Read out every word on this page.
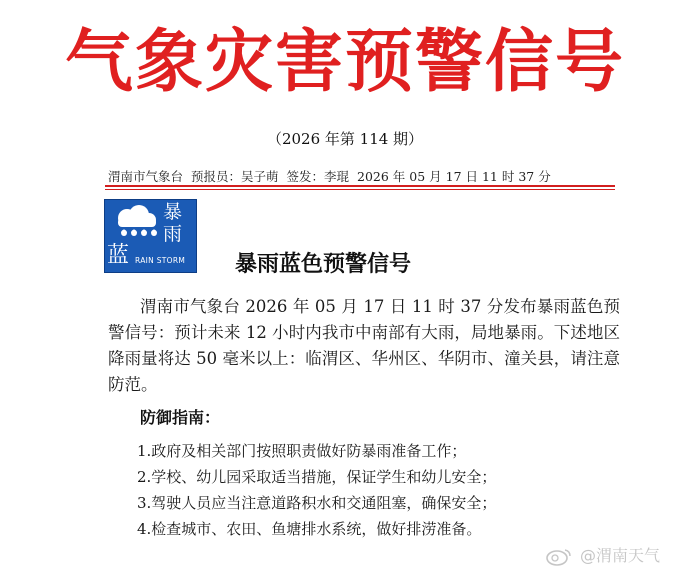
气象灾害预警信号
（2026 年第 114 期）
渭南市气象台 预报员：吴子萌 签发：李琨 2026 年 05 月 17 日 11 时 37 分
暴
雨
蓝 RAIN STORM 暴雨蓝色预警信号
渭南市气象台 2026 年 05 月 17 日 11 时 37 分发布暴雨蓝色预警信号：预计未来 12 小时内我市中南部有大雨，局地暴雨。下述地区降雨量将达 50 毫米以上：临渭区、华州区、华阴市、潼关县，请注意防范。
防御指南：
1.政府及相关部门按照职责做好防暴雨准备工作；
2.学校、幼儿园采取适当措施，保证学生和幼儿安全；
3.驾驶人员应当注意道路积水和交通阻塞，确保安全；
4.检查城市、农田、鱼塘排水系统，做好排涝准备。
@渭南天气
